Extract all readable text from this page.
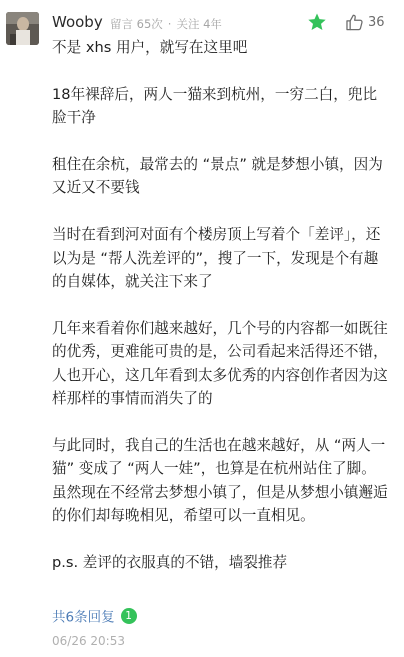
Wooby 留言 65次 · 关注 4年	36

不是 xhs 用户，就写在这里吧

18年裸辞后，两人一猫来到杭州，一穷二白，兜比脸干净

租住在余杭，最常去的 “景点” 就是梦想小镇，因为又近又不要钱

当时在看到河对面有个楼房顶上写着个「差评」，还以为是 “帮人洗差评的”，搜了一下，发现是个有趣的自媒体，就关注下来了

几年来看着你们越来越好，几个号的内容都一如既往的优秀，更难能可贵的是，公司看起来活得还不错，人也开心，这几年看到太多优秀的内容创作者因为这样那样的事情而消失了的

与此同时，我自己的生活也在越来越好，从 “两人一猫” 变成了 “两人一娃”，也算是在杭州站住了脚。虽然现在不经常去梦想小镇了，但是从梦想小镇邂逅的你们却每晚相见，希望可以一直相见。

p.s. 差评的衣服真的不错，墙裂推荐

共6条回复 1
06/26 20:53
